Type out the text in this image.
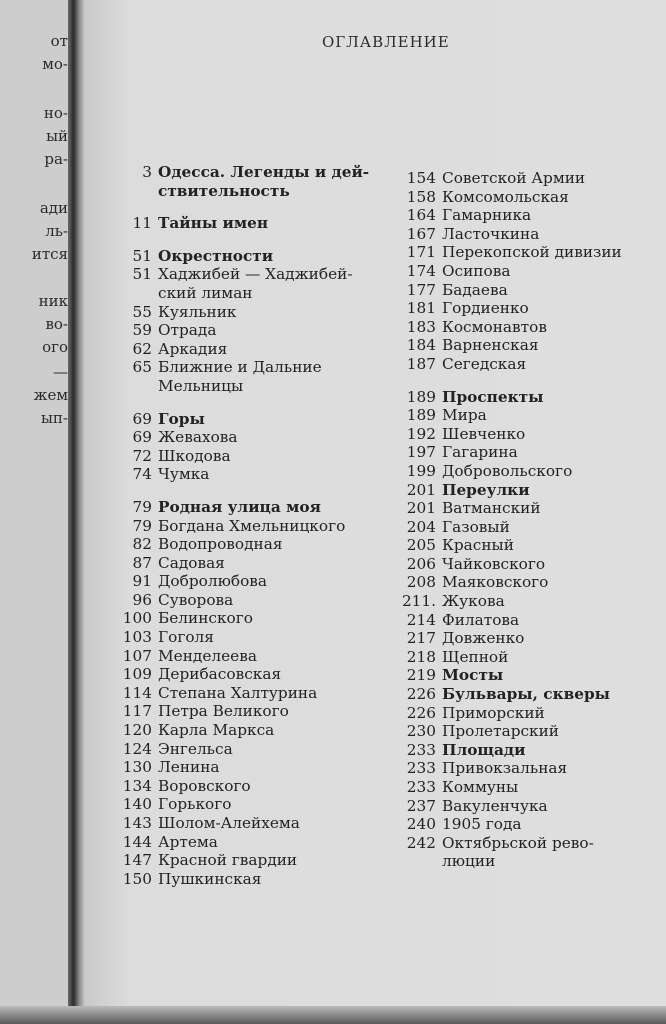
от
мо-
но-
ый
ра-
ади
ль-
ится
ник
во-
ого
—
жем
ып-
ОГЛАВЛЕНИЕ
3 Одесса. Легенды и дей-
ствительность
11 Тайны имен
51 Окрестности
51 Хаджибей — Хаджибей-
ский лиман
55 Куяльник
59 Отрада
62 Аркадия
65 Ближние и Дальние
Мельницы
69 Горы
69 Жевахова
72 Шкодова
74 Чумка
79 Родная улица моя
79 Богдана Хмельницкого
82 Водопроводная
87 Садовая
91 Добролюбова
96 Суворова
100 Белинского
103 Гоголя
107 Менделеева
109 Дерибасовская
114 Степана Халтурина
117 Петра Великого
120 Карла Маркса
124 Энгельса
130 Ленина
134 Воровского
140 Горького
143 Шолом-Алейхема
144 Артема
147 Красной гвардии
150 Пушкинская
154 Советской Армии
158 Комсомольская
164 Гамарника
167 Ласточкина
171 Перекопской дивизии
174 Осипова
177 Бадаева
181 Гордиенко
183 Космонавтов
184 Варненская
187 Сегедская
189 Проспекты
189 Мира
192 Шевченко
197 Гагарина
199 Добровольского
201 Переулки
201 Ватманский
204 Газовый
205 Красный
206 Чайковского
208 Маяковского
211. Жукова
214 Филатова
217 Довженко
218 Щепной
219 Мосты
226 Бульвары, скверы
226 Приморский
230 Пролетарский
233 Площади
233 Привокзальная
233 Коммуны
237 Вакуленчука
240 1905 года
242 Октябрьской рево-
люции
